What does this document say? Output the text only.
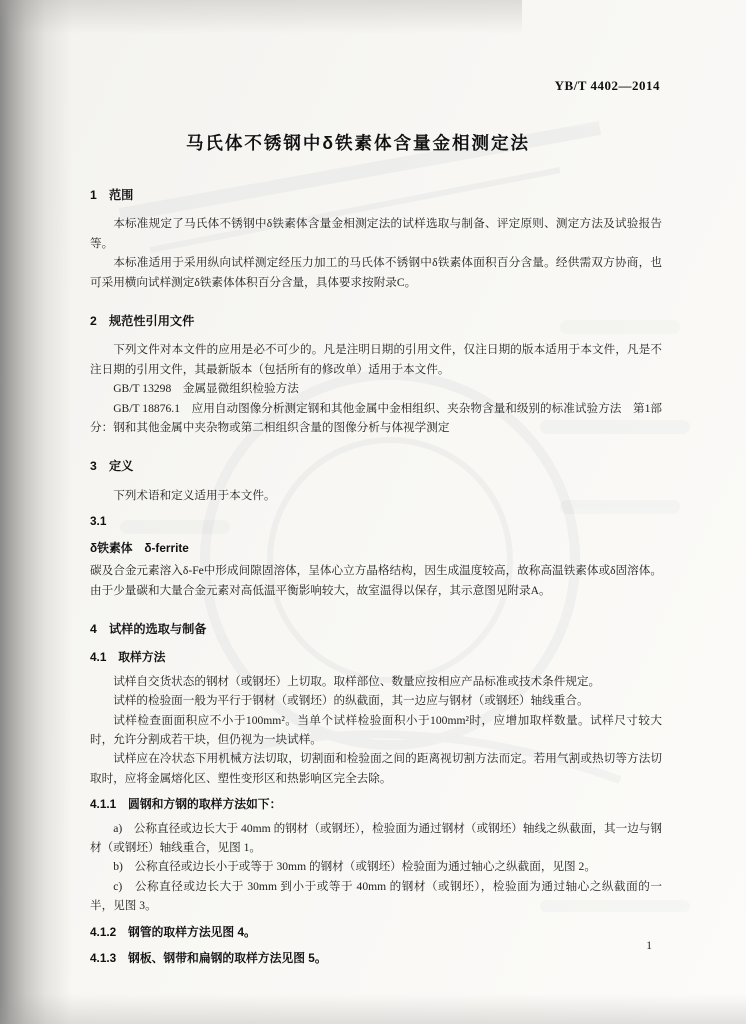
YB/T 4402—2014
马氏体不锈钢中δ铁素体含量金相测定法
1　范围

本标准规定了马氏体不锈钢中δ铁素体含量金相测定法的试样选取与制备、评定原则、测定方法及试验报告等。

本标准适用于采用纵向试样测定经压力加工的马氏体不锈钢中δ铁素体面积百分含量。经供需双方协商，也可采用横向试样测定δ铁素体体积百分含量，具体要求按附录C。

2　规范性引用文件

下列文件对本文件的应用是必不可少的。凡是注明日期的引用文件，仅注日期的版本适用于本文件，凡是不注日期的引用文件，其最新版本（包括所有的修改单）适用于本文件。

GB/T 13298　金属显微组织检验方法

GB/T 18876.1　应用自动图像分析测定钢和其他金属中金相组织、夹杂物含量和级别的标准试验方法　第1部分：钢和其他金属中夹杂物或第二相组织含量的图像分析与体视学测定

3　定义

下列术语和定义适用于本文件。

3.1
δ铁素体　δ-ferrite

碳及合金元素溶入δ-Fe中形成间隙固溶体，呈体心立方晶格结构，因生成温度较高，故称高温铁素体或δ固溶体。由于少量碳和大量合金元素对高低温平衡影响较大，故室温得以保存，其示意图见附录A。

4　试样的选取与制备
4.1　取样方法

试样自交货状态的钢材（或钢坯）上切取。取样部位、数量应按相应产品标准或技术条件规定。

试样的检验面一般为平行于钢材（或钢坯）的纵截面，其一边应与钢材（或钢坯）轴线重合。

试样检查面面积应不小于100mm²。当单个试样检验面积小于100mm²时，应增加取样数量。试样尺寸较大时，允许分割成若干块，但仍视为一块试样。

试样应在冷状态下用机械方法切取，切割面和检验面之间的距离视切割方法而定。若用气割或热切等方法切取时，应将金属熔化区、塑性变形区和热影响区完全去除。

4.1.1　圆钢和方钢的取样方法如下：

a)　公称直径或边长大于 40mm 的钢材（或钢坯），检验面为通过钢材（或钢坯）轴线之纵截面，其一边与钢材（或钢坯）轴线重合，见图 1。

b)　公称直径或边长小于或等于 30mm 的钢材（或钢坯）检验面为通过轴心之纵截面，见图 2。

c)　公称直径或边长大于 30mm 到小于或等于 40mm 的钢材（或钢坯），检验面为通过轴心之纵截面的一半，见图 3。

4.1.2　钢管的取样方法见图 4。
4.1.3　钢板、钢带和扁钢的取样方法见图 5。
1
